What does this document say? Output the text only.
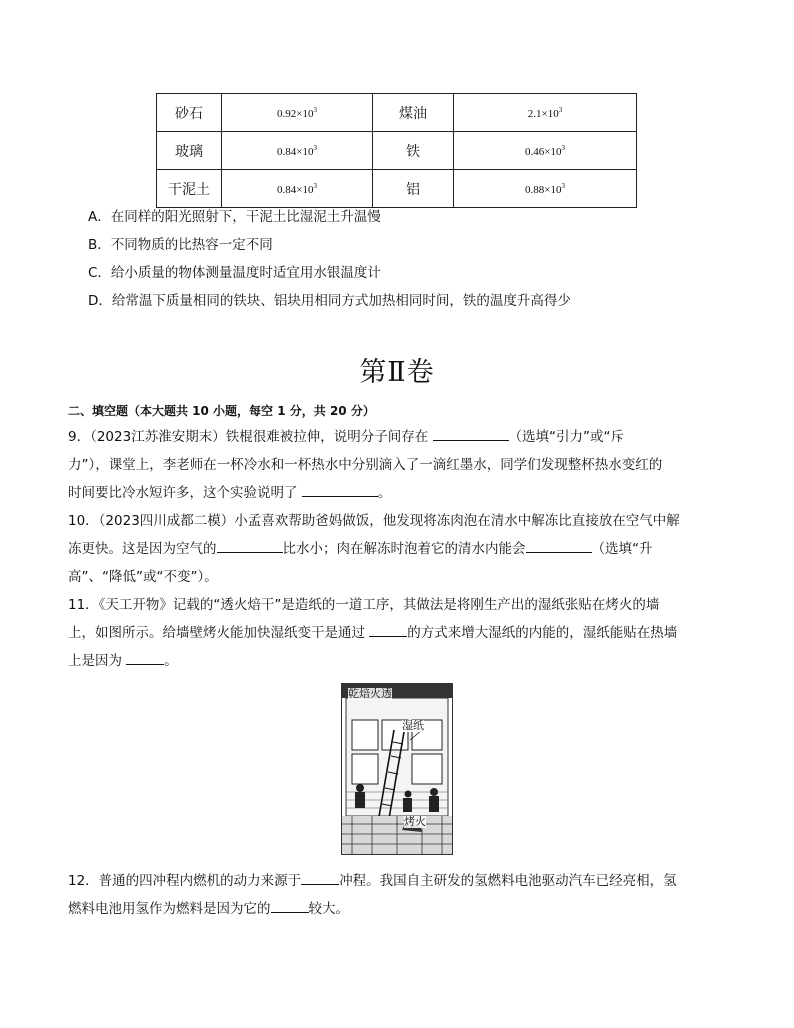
砂石	$0.92\times 10^3$	煤油	$2.1\times 10^3$
玻璃	$0.84\times 10^3$	铁	$0.46\times 10^3$
干泥土	$0.84\times 10^3$	铝	$0.88\times 10^3$
A．在同样的阳光照射下，干泥土比湿泥土升温慢
B．不同物质的比热容一定不同
C．给小质量的物体测量温度时适宜用水银温度计
D．给常温下质量相同的铁块、铝块用相同方式加热相同时间，铁的温度升高得少
第Ⅱ卷
二、填空题（本大题共 10 小题，每空 1 分，共 20 分）
9．（2023江苏淮安期末）铁棍很难被拉伸，说明分子间存在	（选填“引力”或“斥
力”），课堂上，李老师在一杯冷水和一杯热水中分别滴入了一滴红墨水，同学们发现整杯热水变红的
时间要比冷水短许多，这个实验说明了	。
10．（2023四川成都二模）小孟喜欢帮助爸妈做饭，他发现将冻肉泡在清水中解冻比直接放在空气中解
冻更快。这是因为空气的	比水小；肉在解冻时泡着它的清水内能会	（选填“升
高”、“降低”或“不变”）。
11．《天工开物》记载的“透火焙干”是造纸的一道工序，其做法是将刚生产出的湿纸张贴在烤火的墙
上，如图所示。给墙壁烤火能加快湿纸变干是通过	的方式来增大湿纸的内能的，湿纸能贴在热墙
上是因为	。
乾焙火透
湿纸
烤火
12．普通的四冲程内燃机的动力来源于	冲程。我国自主研发的氢燃料电池驱动汽车已经亮相，氢
燃料电池用氢作为燃料是因为它的	较大。
